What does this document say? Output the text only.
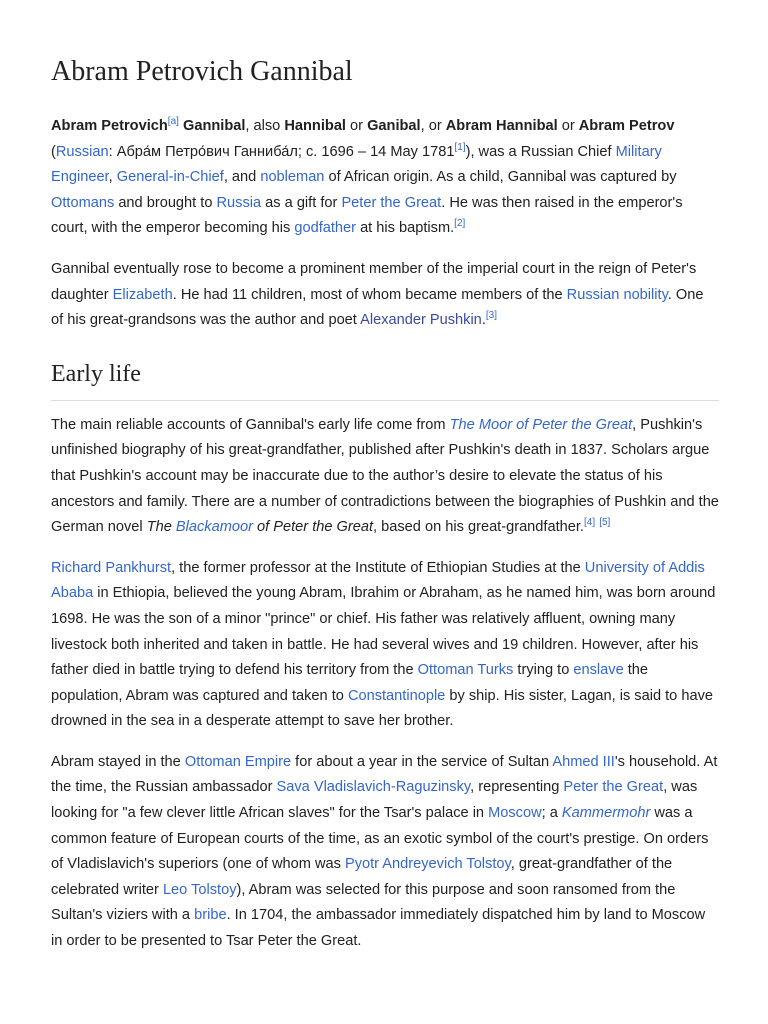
Abram Petrovich Gannibal

Abram Petrovich[a] Gannibal, also Hannibal or Ganibal, or Abram Hannibal or Abram Petrov (Russian: Абра́м Петро́вич Ганниба́л; c. 1696 – 14 May 1781[1]), was a Russian Chief Military Engineer, General-in-Chief, and nobleman of African origin. As a child, Gannibal was captured by Ottomans and brought to Russia as a gift for Peter the Great. He was then raised in the emperor's court, with the emperor becoming his godfather at his baptism.[2]

Gannibal eventually rose to become a prominent member of the imperial court in the reign of Peter's daughter Elizabeth. He had 11 children, most of whom became members of the Russian nobility. One of his great-grandsons was the author and poet Alexander Pushkin.[3]

Early life

The main reliable accounts of Gannibal's early life come from The Moor of Peter the Great, Pushkin's unfinished biography of his great-grandfather, published after Pushkin's death in 1837. Scholars argue that Pushkin's account may be inaccurate due to the author’s desire to elevate the status of his ancestors and family. There are a number of contradictions between the biographies of Pushkin and the German novel The Blackamoor of Peter the Great, based on his great-grandfather.[4] [5]

Richard Pankhurst, the former professor at the Institute of Ethiopian Studies at the University of Addis Ababa in Ethiopia, believed the young Abram, Ibrahim or Abraham, as he named him, was born around 1698. He was the son of a minor "prince" or chief. His father was relatively affluent, owning many livestock both inherited and taken in battle. He had several wives and 19 children. However, after his father died in battle trying to defend his territory from the Ottoman Turks trying to enslave the population, Abram was captured and taken to Constantinople by ship. His sister, Lagan, is said to have drowned in the sea in a desperate attempt to save her brother.

Abram stayed in the Ottoman Empire for about a year in the service of Sultan Ahmed III's household. At the time, the Russian ambassador Sava Vladislavich-Raguzinsky, representing Peter the Great, was looking for "a few clever little African slaves" for the Tsar's palace in Moscow; a Kammermohr was a common feature of European courts of the time, as an exotic symbol of the court's prestige. On orders of Vladislavich's superiors (one of whom was Pyotr Andreyevich Tolstoy, great-grandfather of the celebrated writer Leo Tolstoy), Abram was selected for this purpose and soon ransomed from the Sultan's viziers with a bribe. In 1704, the ambassador immediately dispatched him by land to Moscow in order to be presented to Tsar Peter the Great.
